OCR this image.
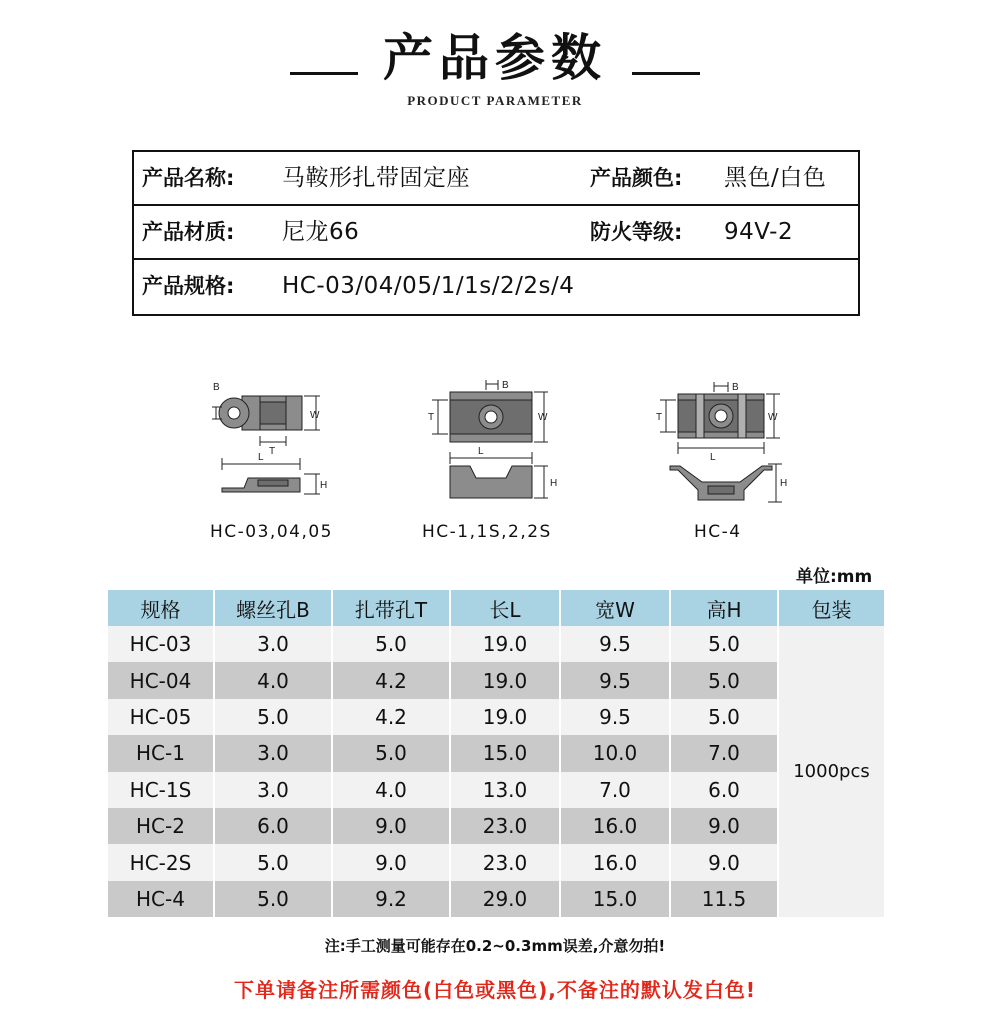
产品参数
PRODUCT PARAMETER
产品名称: 马鞍形扎带固定座	产品颜色: 黑色/白色
产品材质: 尼龙66	防火等级: 94V-2
产品规格: HC-03/04/05/1/1s/2/2s/4
B
W
T
L
H
HC-03,04,05
B
T	W
L
H
HC-1,1S,2,2S
B
T	W
L
H
HC-4
单位:mm
规格	螺丝孔B	扎带孔T	长L	宽W	高H	包装
HC-03	3.0	5.0	19.0	9.5	5.0	1000pcs
HC-04	4.0	4.2	19.0	9.5	5.0	
HC-05	5.0	4.2	19.0	9.5	5.0	
HC-1	3.0	5.0	15.0	10.0	7.0	
HC-1S	3.0	4.0	13.0	7.0	6.0	
HC-2	6.0	9.0	23.0	16.0	9.0	
HC-2S	5.0	9.0	23.0	16.0	9.0	
HC-4	5.0	9.2	29.0	15.0	11.5	
注:手工测量可能存在0.2~0.3mm误差,介意勿拍!
下单请备注所需颜色(白色或黑色),不备注的默认发白色!
